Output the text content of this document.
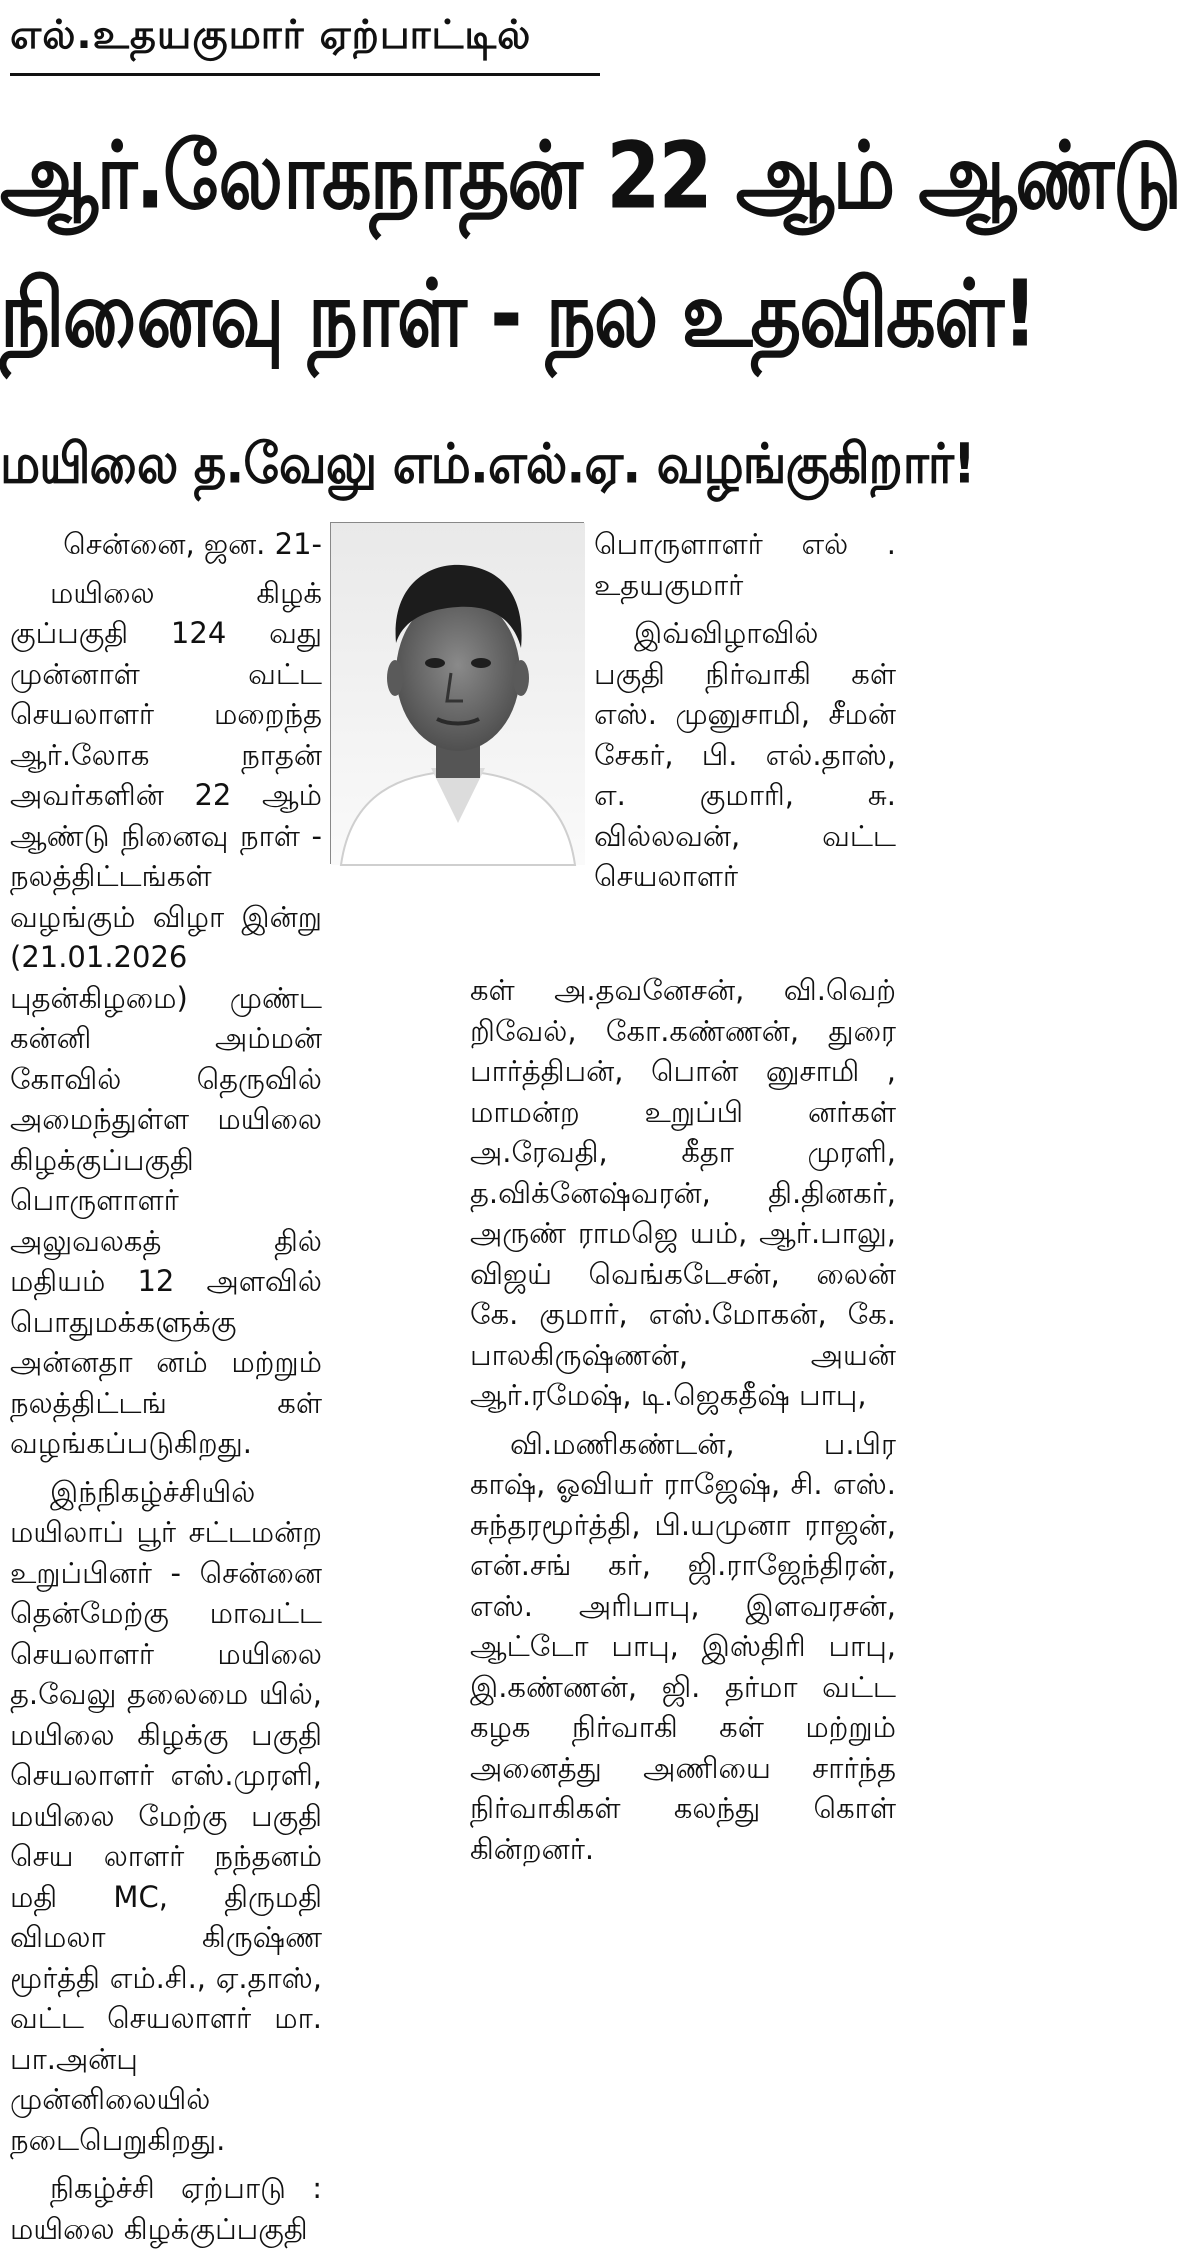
எல்.உதயகுமார் ஏற்பாட்டில்
ஆர்.லோகநாதன் 22 ஆம் ஆண்டு
நினைவு நாள் - நல உதவிகள்!
மயிலை த.வேலு எம்.எல்.ஏ. வழங்குகிறார்!

சென்னை, ஜன. 21-

மயிலை கிழக் குப்பகுதி 124 வது முன்னாள் வட்ட செயலாளர் மறைந்த ஆர்.லோக நாதன் அவர்களின் 22 ஆம் ஆண்டு நினைவு நாள் - நலத்திட்டங்கள் வழங்கும் விழா இன்று (21.01.2026 புதன்கிழமை) முண்ட கன்னி அம்மன் கோவில் தெருவில் அமைந்துள்ள மயிலை கிழக்குப்பகுதி பொருளாளர் அலுவலகத் தில் மதியம் 12 அளவில் பொதுமக்களுக்கு அன்னதா னம் மற்றும் நலத்திட்டங் கள் வழங்கப்படுகிறது.

இந்நிகழ்ச்சியில் மயிலாப் பூர் சட்டமன்ற உறுப்பினர் - சென்னை தென்மேற்கு மாவட்ட செயலாளர் மயிலை த.வேலு தலைமை யில், மயிலை கிழக்கு பகுதி செயலாளர் எஸ்.முரளி, மயிலை மேற்கு பகுதி செய லாளர் நந்தனம் மதி MC, திருமதி விமலா கிருஷ்ண மூர்த்தி எம்.சி., ஏ.தாஸ், வட்ட செயலாளர் மா. பா.அன்பு முன்னிலையில் நடைபெறுகிறது.

நிகழ்ச்சி ஏற்பாடு : மயிலை கிழக்குப்பகுதி

பொருளாளர் எல் . உதயகுமார்

இவ்விழாவில் பகுதி நிர்வாகி கள் எஸ். முனுசாமி, சீமன் சேகர், பி. எல்.தாஸ், எ. குமாரி, சு. வில்லவன், வட்ட செயலாளர்

கள் அ.தவனேசன், வி.வெற் றிவேல், கோ.கண்ணன், துரை பார்த்திபன், பொன் னுசாமி , மாமன்ற உறுப்பி னர்கள் அ.ரேவதி, கீதா முரளி, த.விக்னேஷ்வரன், தி.தினகர், அருண் ராமஜெ யம், ஆர்.பாலு, விஜய் வெங்கடேசன், லைன் கே. குமார், எஸ்.மோகன், கே. பாலகிருஷ்ணன், அயன் ஆர்.ரமேஷ், டி.ஜெகதீஷ் பாபு,

வி.மணிகண்டன், ப.பிர காஷ், ஓவியர் ராஜேஷ், சி. எஸ். சுந்தரமூர்த்தி, பி.யமுனா ராஜன், என்.சங் கர், ஜி.ராஜேந்திரன், எஸ். அரிபாபு, இளவரசன், ஆட்டோ பாபு, இஸ்திரி பாபு, இ.கண்ணன், ஜி. தர்மா வட்ட கழக நிர்வாகி கள் மற்றும் அனைத்து அணியை சார்ந்த நிர்வாகிகள் கலந்து கொள் கின்றனர்.
